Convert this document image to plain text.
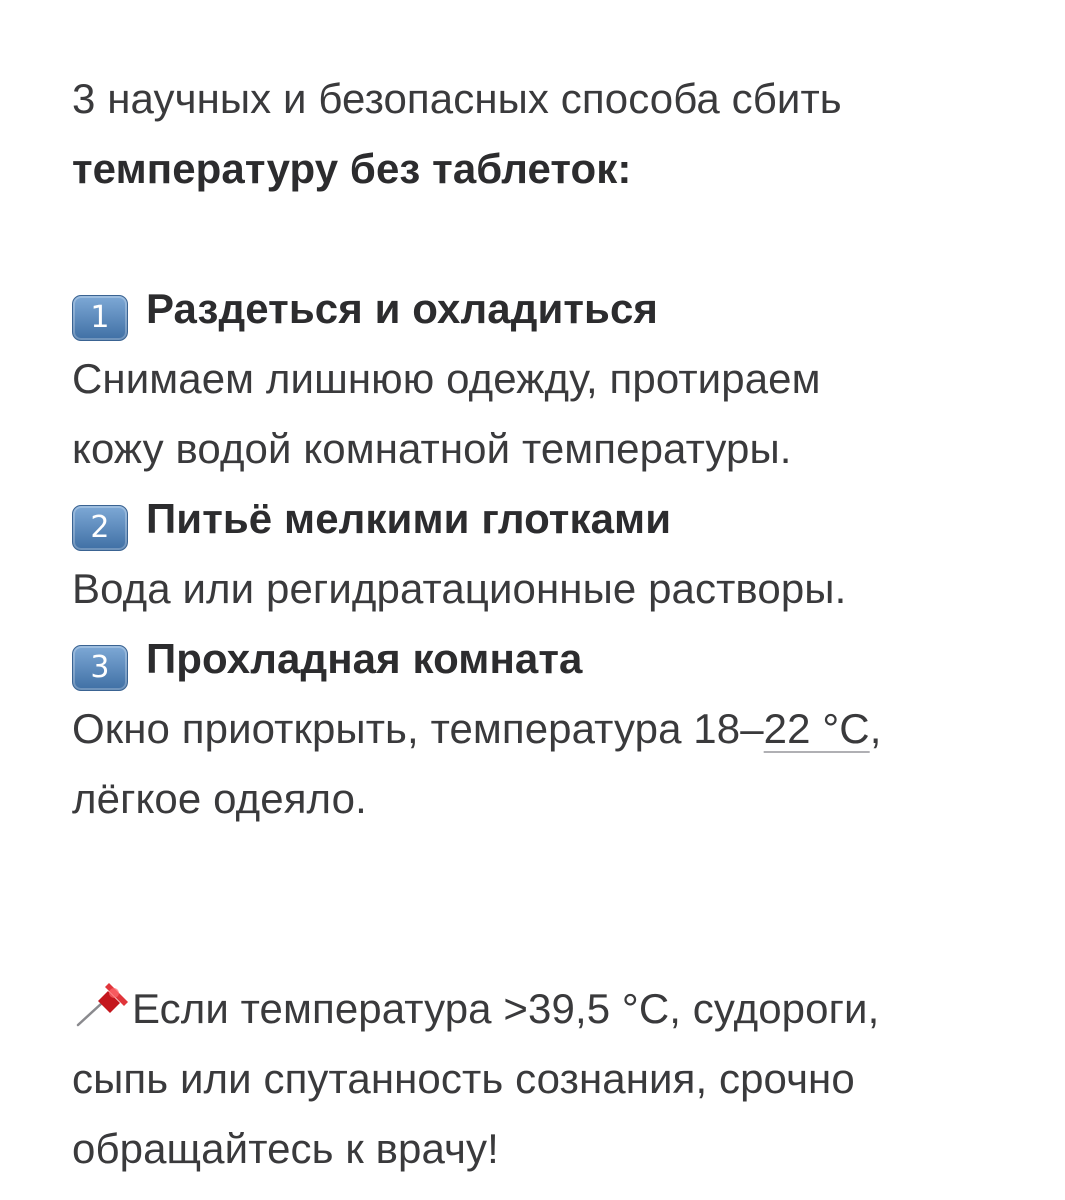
3 научных и безопасных способа сбить
температуру без таблеток:
1 Раздеться и охладиться
Снимаем лишнюю одежду, протираем
кожу водой комнатной температуры.
2 Питьё мелкими глотками
Вода или регидратационные растворы.
3 Прохладная комната
Окно приоткрыть, температура 18–22 °C,
лёгкое одеяло.
Если температура >39,5 °C, судороги,
сыпь или спутанность сознания, срочно
обращайтесь к врачу!
